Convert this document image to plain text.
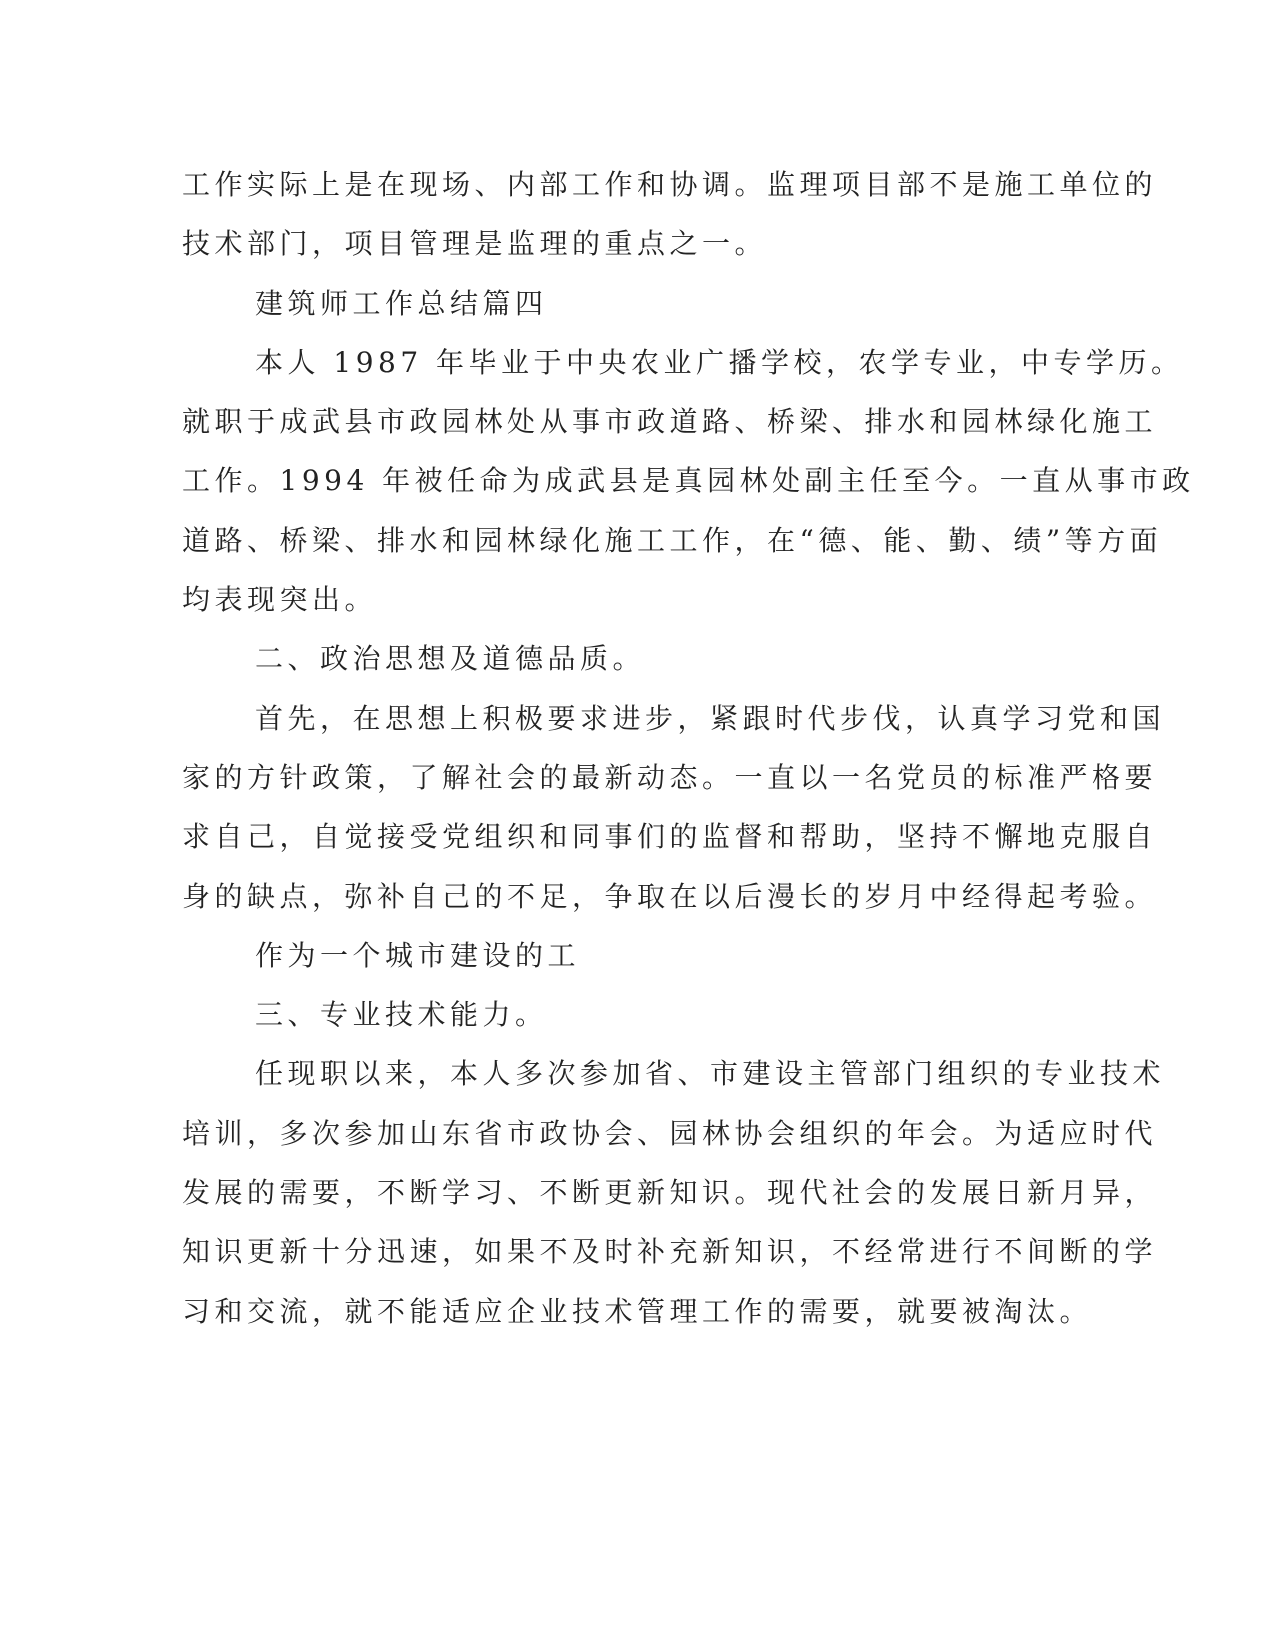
工作实际上是在现场、内部工作和协调。监理项目部不是施工单位的
技术部门，项目管理是监理的重点之一。
建筑师工作总结篇四
本人 1987 年毕业于中央农业广播学校，农学专业，中专学历。
就职于成武县市政园林处从事市政道路、桥梁、排水和园林绿化施工
工作。1994 年被任命为成武县是真园林处副主任至今。一直从事市政
道路、桥梁、排水和园林绿化施工工作，在“德、能、勤、绩”等方面
均表现突出。
二、政治思想及道德品质。
首先，在思想上积极要求进步，紧跟时代步伐，认真学习党和国
家的方针政策，了解社会的最新动态。一直以一名党员的标准严格要
求自己，自觉接受党组织和同事们的监督和帮助，坚持不懈地克服自
身的缺点，弥补自己的不足，争取在以后漫长的岁月中经得起考验。
作为一个城市建设的工
三、专业技术能力。
任现职以来，本人多次参加省、市建设主管部门组织的专业技术
培训，多次参加山东省市政协会、园林协会组织的年会。为适应时代
发展的需要，不断学习、不断更新知识。现代社会的发展日新月异，
知识更新十分迅速，如果不及时补充新知识，不经常进行不间断的学
习和交流，就不能适应企业技术管理工作的需要，就要被淘汰。
